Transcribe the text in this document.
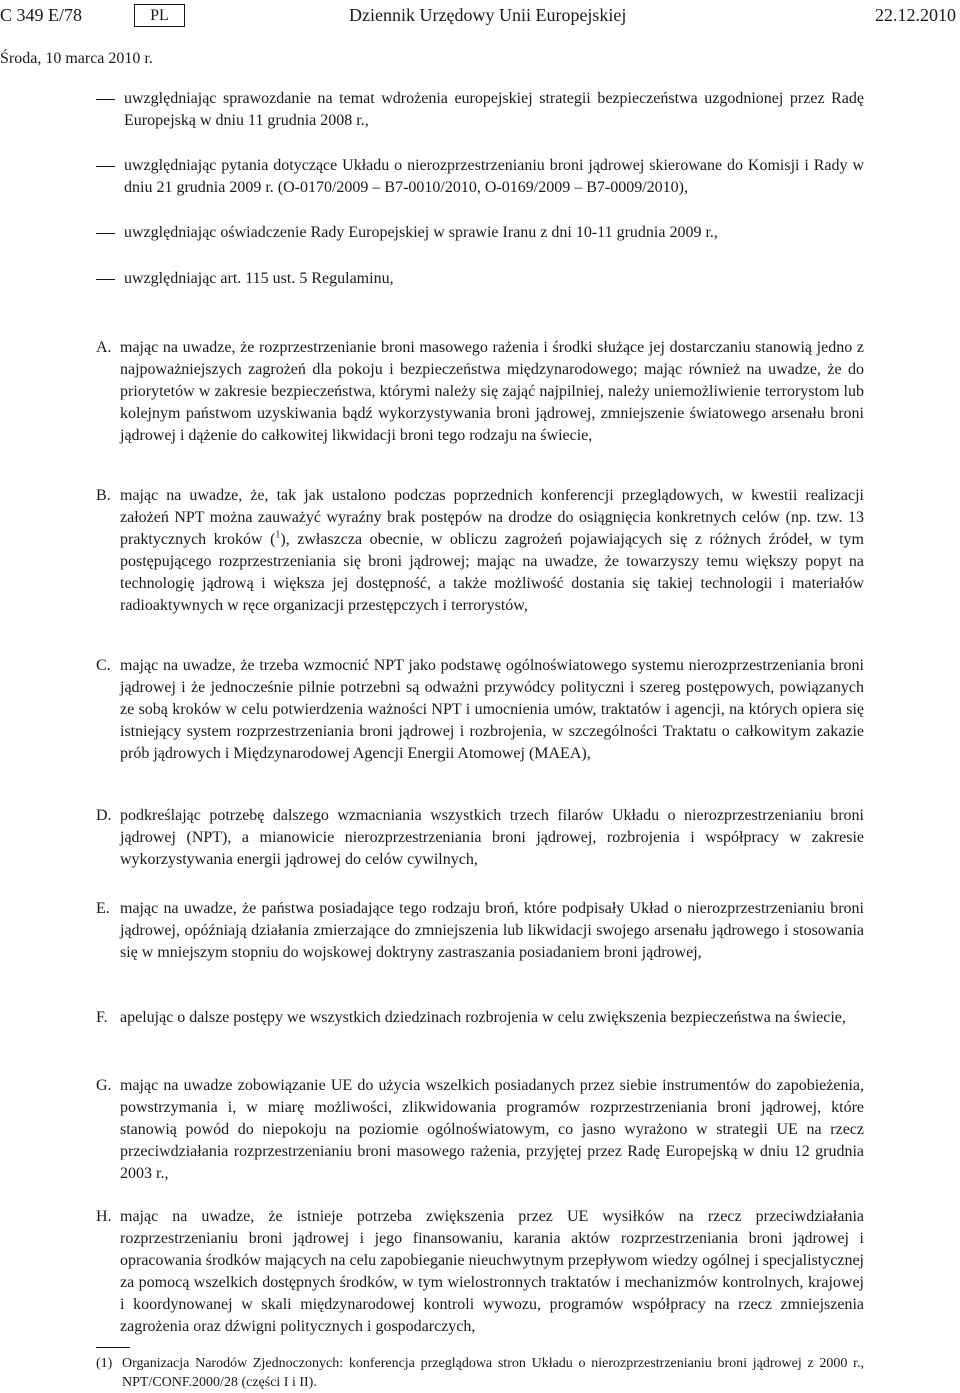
C 349 E/78	PL	Dziennik Urzędowy Unii Europejskiej	22.12.2010
Środa, 10 marca 2010 r.
uwzględniając sprawozdanie na temat wdrożenia europejskiej strategii bezpieczeństwa uzgodnionej przez Radę Europejską w dniu 11 grudnia 2008 r.,
uwzględniając pytania dotyczące Układu o nierozprzestrzenianiu broni jądrowej skierowane do Komisji i Rady w dniu 21 grudnia 2009 r. (O-0170/2009 – B7-0010/2010, O-0169/2009 – B7-0009/2010),
uwzględniając oświadczenie Rady Europejskiej w sprawie Iranu z dni 10-11 grudnia 2009 r.,
uwzględniając art. 115 ust. 5 Regulaminu,
A. mając na uwadze, że rozprzestrzenianie broni masowego rażenia i środki służące jej dostarczaniu stanowią jedno z najpoważniejszych zagrożeń dla pokoju i bezpieczeństwa międzynarodowego; mając również na uwadze, że do priorytetów w zakresie bezpieczeństwa, którymi należy się zająć najpilniej, należy uniemożliwienie terrorystom lub kolejnym państwom uzyskiwania bądź wykorzystywania broni jądrowej, zmniejszenie światowego arsenału broni jądrowej i dążenie do całkowitej likwidacji broni tego rodzaju na świecie,
B. mając na uwadze, że, tak jak ustalono podczas poprzednich konferencji przeglądowych, w kwestii realizacji założeń NPT można zauważyć wyraźny brak postępów na drodze do osiągnięcia konkretnych celów (np. tzw. 13 praktycznych kroków ($^1$), zwłaszcza obecnie, w obliczu zagrożeń pojawiających się z różnych źródeł, w tym postępującego rozprzestrzeniania się broni jądrowej; mając na uwadze, że towarzyszy temu większy popyt na technologię jądrową i większa jej dostępność, a także możliwość dostania się takiej technologii i materiałów radioaktywnych w ręce organizacji przestępczych i terrorystów,
C. mając na uwadze, że trzeba wzmocnić NPT jako podstawę ogólnoświatowego systemu nierozprzestrzeniania broni jądrowej i że jednocześnie pilnie potrzebni są odważni przywódcy polityczni i szereg postępowych, powiązanych ze sobą kroków w celu potwierdzenia ważności NPT i umocnienia umów, traktatów i agencji, na których opiera się istniejący system rozprzestrzeniania broni jądrowej i rozbrojenia, w szczególności Traktatu o całkowitym zakazie prób jądrowych i Międzynarodowej Agencji Energii Atomowej (MAEA),
D. podkreślając potrzebę dalszego wzmacniania wszystkich trzech filarów Układu o nierozprzestrzenianiu broni jądrowej (NPT), a mianowicie nierozprzestrzeniania broni jądrowej, rozbrojenia i współpracy w zakresie wykorzystywania energii jądrowej do celów cywilnych,
E. mając na uwadze, że państwa posiadające tego rodzaju broń, które podpisały Układ o nierozprzestrzenianiu broni jądrowej, opóźniają działania zmierzające do zmniejszenia lub likwidacji swojego arsenału jądrowego i stosowania się w mniejszym stopniu do wojskowej doktryny zastraszania posiadaniem broni jądrowej,
F. apelując o dalsze postępy we wszystkich dziedzinach rozbrojenia w celu zwiększenia bezpieczeństwa na świecie,
G. mając na uwadze zobowiązanie UE do użycia wszelkich posiadanych przez siebie instrumentów do zapobieżenia, powstrzymania i, w miarę możliwości, zlikwidowania programów rozprzestrzeniania broni jądrowej, które stanowią powód do niepokoju na poziomie ogólnoświatowym, co jasno wyrażono w strategii UE na rzecz przeciwdziałania rozprzestrzenianiu broni masowego rażenia, przyjętej przez Radę Europejską w dniu 12 grudnia 2003 r.,
H. mając na uwadze, że istnieje potrzeba zwiększenia przez UE wysiłków na rzecz przeciwdziałania rozprzestrzenianiu broni jądrowej i jego finansowaniu, karania aktów rozprzestrzeniania broni jądrowej i opracowania środków mających na celu zapobieganie nieuchwytnym przepływom wiedzy ogólnej i specjalistycznej za pomocą wszelkich dostępnych środków, w tym wielostronnych traktatów i mechanizmów kontrolnych, krajowej i koordynowanej w skali międzynarodowej kontroli wywozu, programów współpracy na rzecz zmniejszenia zagrożenia oraz dźwigni politycznych i gospodarczych,
(1) Organizacja Narodów Zjednoczonych: konferencja przeglądowa stron Układu o nierozprzestrzenianiu broni jądrowej z 2000 r., NPT/CONF.2000/28 (części I i II).
